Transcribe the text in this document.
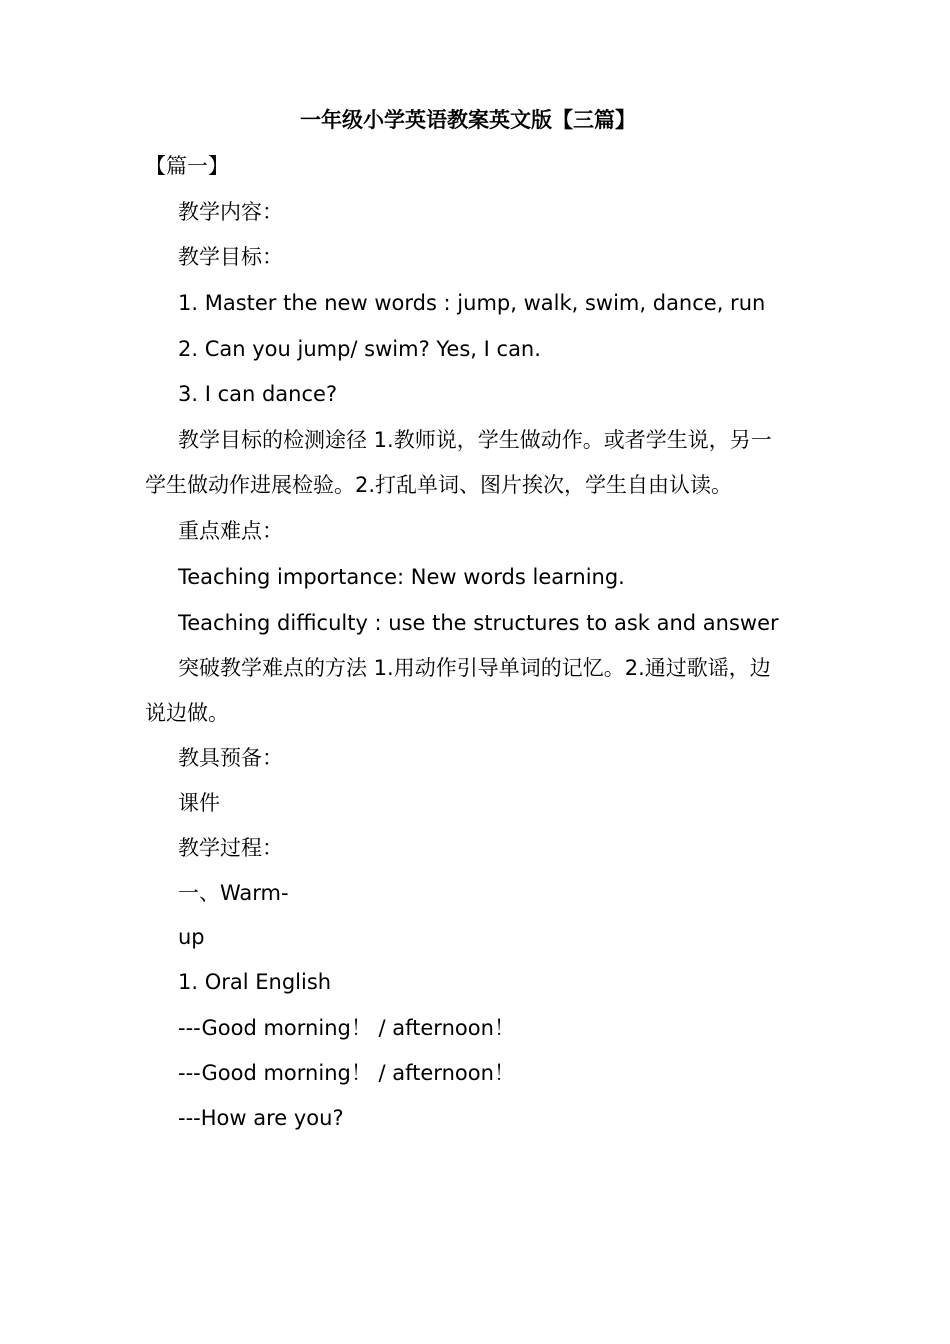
一年级小学英语教案英文版【三篇】
【篇一】
教学内容：
教学目标：
1. Master the new words : jump, walk, swim, dance, run
2. Can you jump/ swim? Yes, I can.
3. I can dance?
教学目标的检测途径 1.教师说，学生做动作。或者学生说，另一
学生做动作进展检验。2.打乱单词、图片挨次，学生自由认读。
重点难点：
Teaching importance: New words learning.
Teaching difficulty : use the structures to ask and answer
突破教学难点的方法 1.用动作引导单词的记忆。2.通过歌谣，边
说边做。
教具预备：
课件
教学过程：
一、Warm-
up
1. Oral English
---Good morning！ / afternoon！
---Good morning！ / afternoon！
---How are you?
